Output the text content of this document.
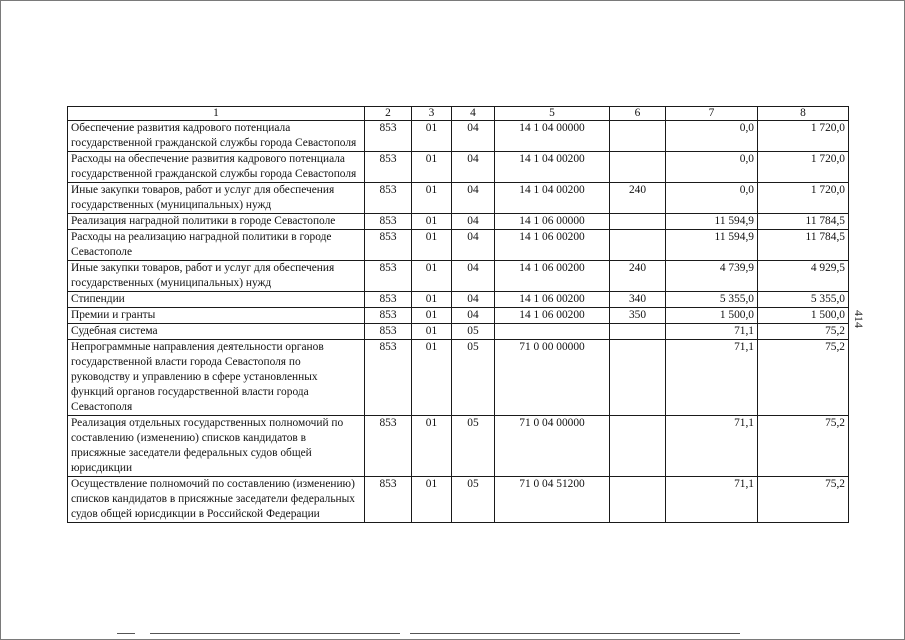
1	2	3	4	5	6	7	8
Обеспечение развития кадрового потенциала государственной гражданской службы города Севастополя	853	01	04	14 1 04 00000		0,0	1 720,0
Расходы на обеспечение развития кадрового потенциала государственной гражданской службы города Севастополя	853	01	04	14 1 04 00200		0,0	1 720,0
Иные закупки товаров, работ и услуг для обеспечения государственных (муниципальных) нужд	853	01	04	14 1 04 00200	240	0,0	1 720,0
Реализация наградной политики в городе Севастополе	853	01	04	14 1 06 00000		11 594,9	11 784,5
Расходы на реализацию наградной политики в городе Севастополе	853	01	04	14 1 06 00200		11 594,9	11 784,5
Иные закупки товаров, работ и услуг для обеспечения государственных (муниципальных) нужд	853	01	04	14 1 06 00200	240	4 739,9	4 929,5
Стипендии	853	01	04	14 1 06 00200	340	5 355,0	5 355,0
Премии и гранты	853	01	04	14 1 06 00200	350	1 500,0	1 500,0
Судебная система	853	01	05			71,1	75,2
Непрограммные направления деятельности органов государственной власти города Севастополя по руководству и управлению в сфере установленных функций органов государственной власти города Севастополя	853	01	05	71 0 00 00000		71,1	75,2
Реализация отдельных государственных полномочий по составлению (изменению) списков кандидатов в присяжные заседатели федеральных судов общей юрисдикции	853	01	05	71 0 04 00000		71,1	75,2
Осуществление полномочий по составлению (изменению) списков кандидатов в присяжные заседатели федеральных судов общей юрисдикции в Российской Федерации	853	01	05	71 0 04 51200		71,1	75,2
414
